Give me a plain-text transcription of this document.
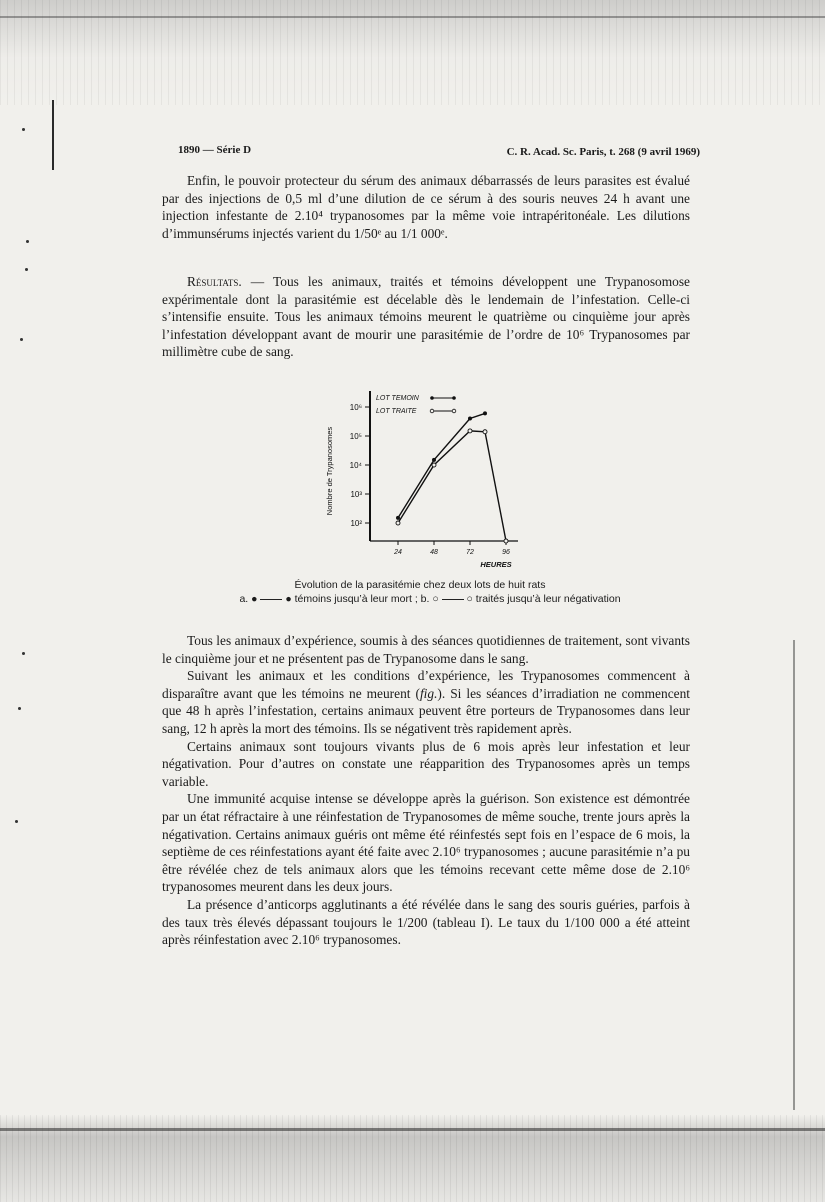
1890 — Série D	C. R. Acad. Sc. Paris, t. 268 (9 avril 1969)

Enfin, le pouvoir protecteur du sérum des animaux débarrassés de leurs parasites est évalué par des injections de 0,5 ml d’une dilution de ce sérum à des souris neuves 24 h avant une injection infestante de 2.10⁴ trypanosomes par la même voie intrapéritonéale. Les dilutions d’immunsérums injectés varient du 1/50ᵉ au 1/1 000ᵉ.

Résultats. — Tous les animaux, traités et témoins développent une Trypanosomose expérimentale dont la parasitémie est décelable dès le lendemain de l’infestation. Celle-ci s’intensifie ensuite. Tous les animaux témoins meurent le quatrième ou cinquième jour après l’infestation développant avant de mourir une parasitémie de l’ordre de 10⁶ Trypanosomes par millimètre cube de sang.

10⁶
10⁵
10⁴
10³
10²
24	48	72	96
HEURES
Nombre de Trypanosomes
LOT TEMOIN
LOT TRAITE
Évolution de la parasitémie chez deux lots de huit rats
a. ●	● témoins jusqu’à leur mort ; b. ○	○ traités jusqu’à leur négativation

Tous les animaux d’expérience, soumis à des séances quotidiennes de traitement, sont vivants le cinquième jour et ne présentent pas de Trypanosome dans le sang.

Suivant les animaux et les conditions d’expérience, les Trypanosomes commencent à disparaître avant que les témoins ne meurent (fig.). Si les séances d’irradiation ne commencent que 48 h après l’infestation, certains animaux peuvent être porteurs de Trypanosomes dans leur sang, 12 h après la mort des témoins. Ils se négativent très rapidement après.

Certains animaux sont toujours vivants plus de 6 mois après leur infestation et leur négativation. Pour d’autres on constate une réapparition des Trypanosomes après un temps variable.

Une immunité acquise intense se développe après la guérison. Son existence est démontrée par un état réfractaire à une réinfestation de Trypanosomes de même souche, trente jours après la négativation. Certains animaux guéris ont même été réinfestés sept fois en l’espace de 6 mois, la septième de ces réinfestations ayant été faite avec 2.10⁶ trypanosomes ; aucune parasitémie n’a pu être révélée chez de tels animaux alors que les témoins recevant cette même dose de 2.10⁶ trypanosomes meurent dans les deux jours.

La présence d’anticorps agglutinants a été révélée dans le sang des souris guéries, parfois à des taux très élevés dépassant toujours le 1/200 (tableau I). Le taux du 1/100 000 a été atteint après réinfestation avec 2.10⁶ trypanosomes.
